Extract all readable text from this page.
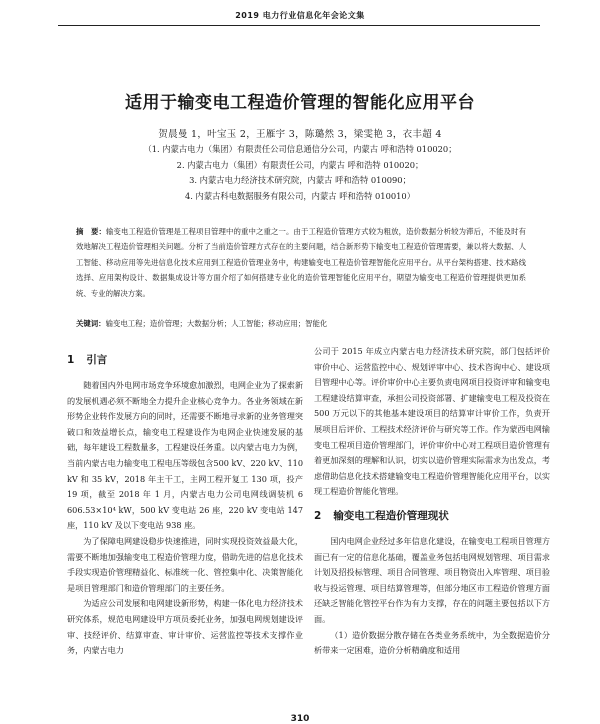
2019 电力行业信息化年会论文集
适用于输变电工程造价管理的智能化应用平台
贺晨曼 1，叶宝玉 2，王雁宇 3，陈璐然 3，梁雯艳 3，衣丰超 4
（1. 内蒙古电力（集团）有限责任公司信息通信分公司，内蒙古 呼和浩特 010020；
2. 内蒙古电力（集团）有限责任公司，内蒙古 呼和浩特 010020；
3. 内蒙古电力经济技术研究院，内蒙古 呼和浩特 010090；
4. 内蒙古科电数据服务有限公司，内蒙古 呼和浩特 010010）
摘　要：输变电工程造价管理是工程项目管理中的重中之重之一。由于工程造价管理方式较为粗放，造价数据分析较为滞后，不能及时有效地解决工程造价管理相关问题。分析了当前造价管理方式存在的主要问题，结合新形势下输变电工程造价管理需要，兼以将大数据、人工智能、移动应用等先进信息化技术应用到工程造价管理业务中，构建输变电工程造价管理智能化应用平台。从平台架构搭建、技术路线选择、应用架构设计、数据集成设计等方面介绍了如何搭建专业化的造价管理智能化应用平台，期望为输变电工程造价管理提供更加系统、专业的解决方案。
关键词：输变电工程；造价管理；大数据分析；人工智能；移动应用；智能化
1 引言

随着国内外电网市场竞争环境愈加激烈，电网企业为了探索新的发展机遇必须不断地全力提升企业核心竞争力。各业务领域在新形势企业转作发展方向的同时，还需要不断地寻求新的业务管理突破口和效益增长点，输变电工程建设作为电网企业快速发展的基础，每年建设工程数量多，工程建设任务重。以内蒙古电力为例，当前内蒙古电力输变电工程电压等级包含500 kV、220 kV、110 kV 和 35 kV，2018 年主干工，主网工程开复工 130 项，投产 19 项，截至 2018 年 1 月，内蒙古电力公司电网线调装机 6 606.53×10⁴ kW，500 kV 变电站 26 座，220 kV 变电站 147 座，110 kV 及以下变电站 938 座。

为了保障电网建设稳步快速推进，同时实现投资效益最大化，需要不断地加强输变电工程造价管理力度，借助先进的信息化技术手段实现造价管理精益化、标准统一化、管控集中化、决策智能化是项目管理部门和造价管理部门的主要任务。

为适应公司发展和电网建设新形势，构建一体化电力经济技术研究体系，规范电网建设甲方项员委托业务，加强电网规划建设评审、技经评价、结算审查、审计审价、运营监控等技术支撑作业务，内蒙古电力

公司于 2015 年成立内蒙古电力经济技术研究院，部门包括评价审价中心、运营监控中心、规划评审中心、技术咨询中心、建设项目管理中心等。评价审价中心主要负责电网项目投资评审和输变电工程建设结算审查，承担公司投资部署、扩建输变电工程及投资在 500 万元以下的其他基本建设项目的结算审计审价工作，负责开展项目后评价、工程技术经济评价与研究等工作。作为蒙西电网输变电工程项目造价管理部门，评价审价中心对工程项目造价管理有着更加深刻的理解和认识，切实以造价管理实际需求为出发点，考虑借助信息化技术搭建输变电工程造价管理智能化应用平台，以实现工程造价智能化管理。

2 输变电工程造价管理现状

国内电网企业经过多年信息化建设，在输变电工程项目管理方面已有一定的信息化基础，覆盖业务包括电网规划管理、项目需求计划及招投标管理、项目合同管理、项目物资出入库管理、项目验收与投运管理、项目结算管理等，但部分地区市工程造价管理方面还缺乏智能化管控平台作为有力支撑，存在的问题主要包括以下方面。

（1）造价数据分散存储在各类业务系统中，为全数据造价分析带来一定困难，造价分析精确度和适用

310
